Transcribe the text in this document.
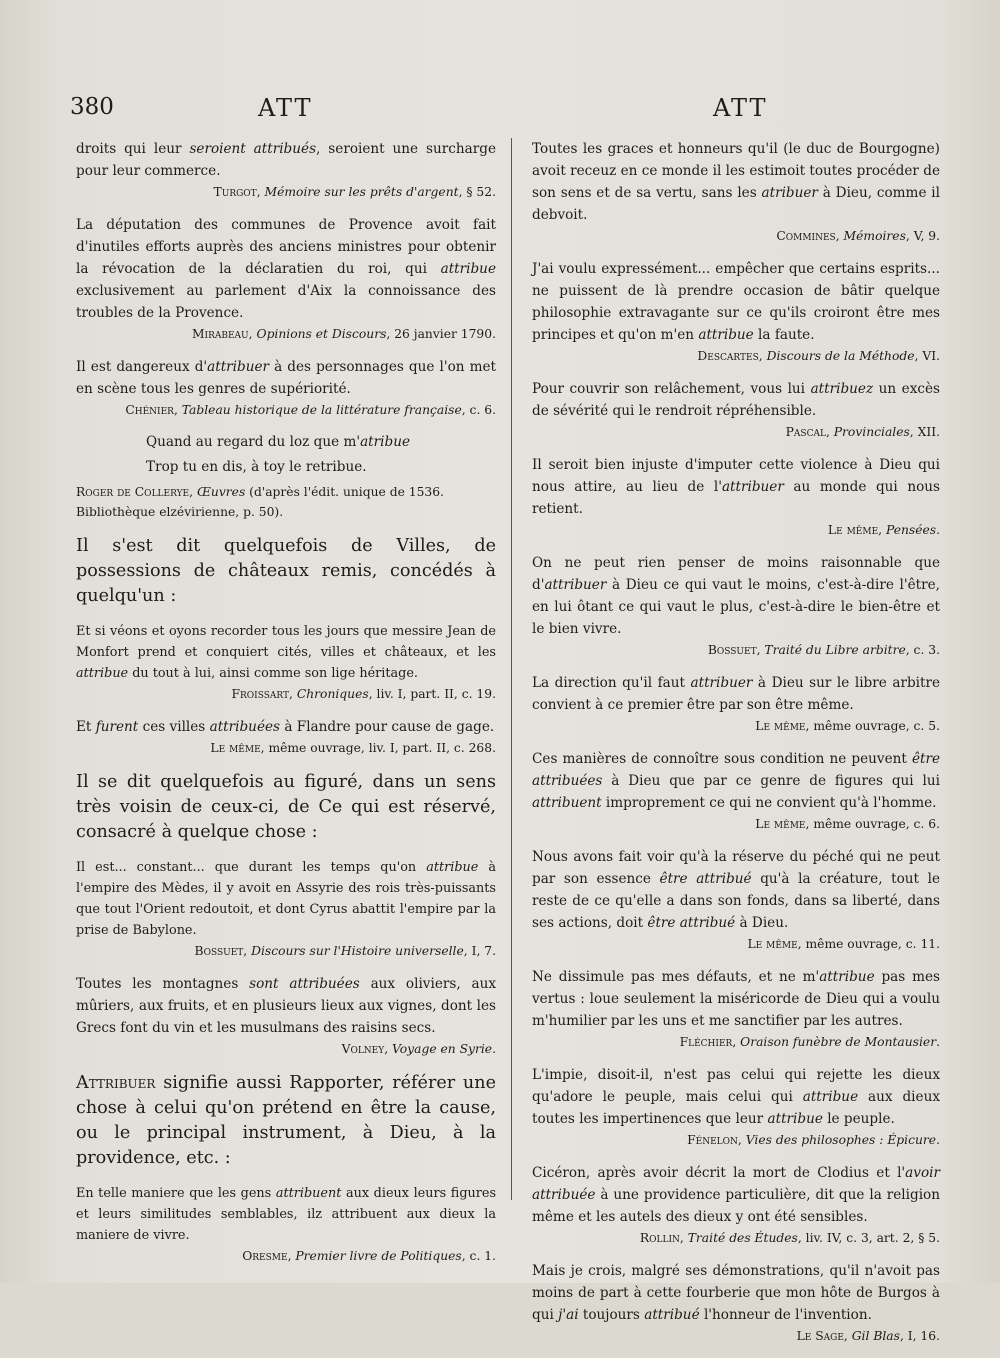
380	ATT	ATT

droits qui leur seroient attribués, seroient une surcharge pour leur commerce.

Turgot, Mémoire sur les prêts d'argent, § 52.

La députation des communes de Provence avoit fait d'inutiles efforts auprès des anciens ministres pour obtenir la révocation de la déclaratien du roi, qui attribue exclusivement au parlement d'Aix la connoissance des troubles de la Provence.

Mirabeau, Opinions et Discours, 26 janvier 1790.

Il est dangereux d'attribuer à des personnages que l'on met en scène tous les genres de supériorité.

Chénier, Tableau historique de la littérature française, c. 6.

Quand au regard du loz que m'atribue
Trop tu en dis, à toy le retribue.

Roger de Collerye, Œuvres (d'après l'édit. unique de 1536. Bibliothèque elzévirienne, p. 50).

Il s'est dit quelquefois de Villes, de possessions de châteaux remis, concédés à quelqu'un :

Et si véons et oyons recorder tous les jours que messire Jean de Monfort prend et conquiert cités, villes et châteaux, et les attribue du tout à lui, ainsi comme son lige héritage.

Froissart, Chroniques, liv. I, part. II, c. 19.

Et furent ces villes attribuées à Flandre pour cause de gage.

Le même, même ouvrage, liv. I, part. II, c. 268.

Il se dit quelquefois au figuré, dans un sens très voisin de ceux-ci, de Ce qui est réservé, consacré à quelque chose :

Il est... constant... que durant les temps qu'on attribue à l'empire des Mèdes, il y avoit en Assyrie des rois très-puissants que tout l'Orient redoutoit, et dont Cyrus abattit l'empire par la prise de Babylone.

Bossuet, Discours sur l'Histoire universelle, I, 7.

Toutes les montagnes sont attribuées aux oliviers, aux mûriers, aux fruits, et en plusieurs lieux aux vignes, dont les Grecs font du vin et les musulmans des raisins secs.

Volney, Voyage en Syrie.

Attribuer signifie aussi Rapporter, référer une chose à celui qu'on prétend en être la cause, ou le principal instrument, à Dieu, à la providence, etc. :

En telle maniere que les gens attribuent aux dieux leurs figures et leurs similitudes semblables, ilz attribuent aux dieux la maniere de vivre.

Oresme, Premier livre de Politiques, c. 1.

Toutes les graces et honneurs qu'il (le duc de Bourgogne) avoit receuz en ce monde il les estimoit toutes procéder de son sens et de sa vertu, sans les atribuer à Dieu, comme il debvoit.

Commines, Mémoires, V, 9.

J'ai voulu expressément... empêcher que certains esprits... ne puissent de là prendre occasion de bâtir quelque philosophie extravagante sur ce qu'ils croiront être mes principes et qu'on m'en attribue la faute.

Descartes, Discours de la Méthode, VI.

Pour couvrir son relâchement, vous lui attribuez un excès de sévérité qui le rendroit répréhensible.

Pascal, Provinciales, XII.

Il seroit bien injuste d'imputer cette violence à Dieu qui nous attire, au lieu de l'attribuer au monde qui nous retient.

Le même, Pensées.

On ne peut rien penser de moins raisonnable que d'attribuer à Dieu ce qui vaut le moins, c'est-à-dire l'être, en lui ôtant ce qui vaut le plus, c'est-à-dire le bien-être et le bien vivre.

Bossuet, Traité du Libre arbitre, c. 3.

La direction qu'il faut attribuer à Dieu sur le libre arbitre convient à ce premier être par son être même.

Le même, même ouvrage, c. 5.

Ces manières de connoître sous condition ne peuvent être attribuées à Dieu que par ce genre de figures qui lui attribuent improprement ce qui ne convient qu'à l'homme.

Le même, même ouvrage, c. 6.

Nous avons fait voir qu'à la réserve du péché qui ne peut par son essence être attribué qu'à la créature, tout le reste de ce qu'elle a dans son fonds, dans sa liberté, dans ses actions, doit être attribué à Dieu.

Le même, même ouvrage, c. 11.

Ne dissimule pas mes défauts, et ne m'attribue pas mes vertus : loue seulement la miséricorde de Dieu qui a voulu m'humilier par les uns et me sanctifier par les autres.

Fléchier, Oraison funèbre de Montausier.

L'impie, disoit-il, n'est pas celui qui rejette les dieux qu'adore le peuple, mais celui qui attribue aux dieux toutes les impertinences que leur attribue le peuple.

Fénelon, Vies des philosophes : Épicure.

Cicéron, après avoir décrit la mort de Clodius et l'avoir attribuée à une providence particulière, dit que la religion même et les autels des dieux y ont été sensibles.

Rollin, Traité des Études, liv. IV, c. 3, art. 2, § 5.

Mais je crois, malgré ses démonstrations, qu'il n'avoit pas moins de part à cette fourberie que mon hôte de Burgos à qui j'ai toujours attribué l'honneur de l'invention.

Le Sage, Gil Blas, I, 16.
